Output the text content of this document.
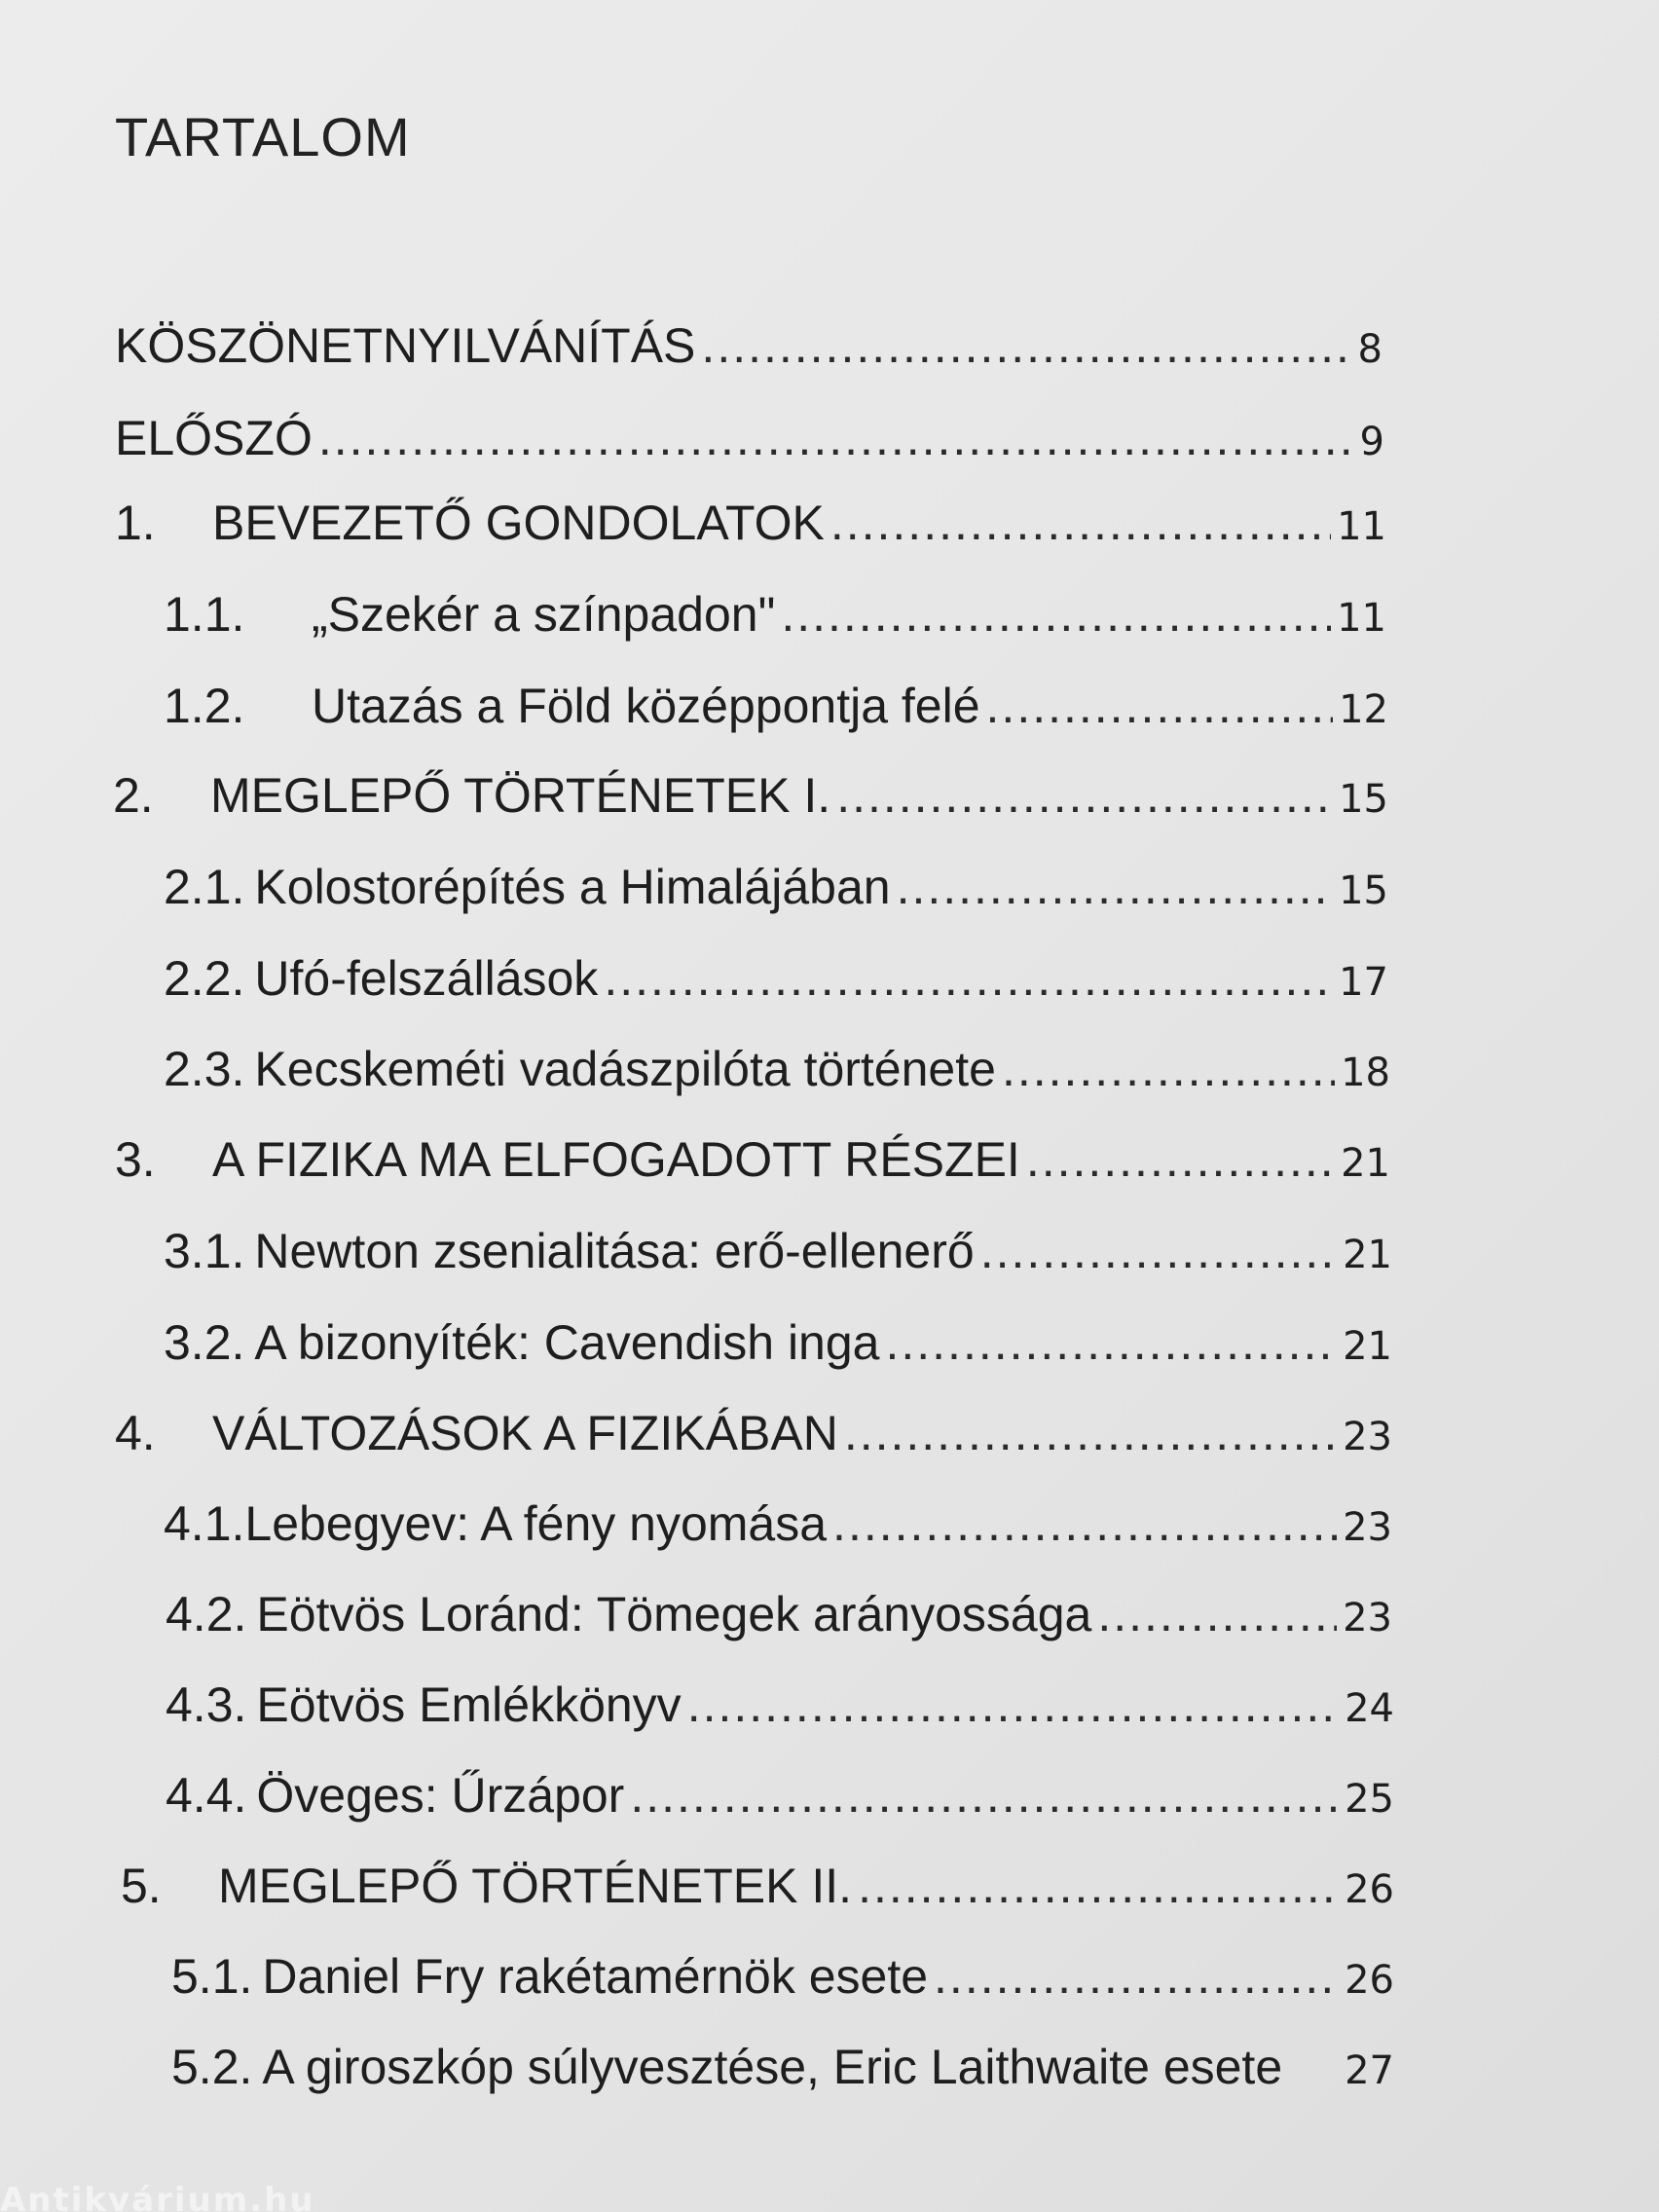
TARTALOM
KÖSZÖNETNYILVÁNÍTÁS .....	8
ELŐSZÓ .....	9
1.	BEVEZETŐ GONDOLATOK .....	11
1.1.	„Szekér a színpadon" .....	11
1.2.	Utazás a Föld középpontja felé .....	12
2.	MEGLEPŐ TÖRTÉNETEK I. .....	15
2.1. Kolostorépítés a Himalájában .....	15
2.2. Ufó-felszállások .....	17
2.3. Kecskeméti vadászpilóta története .....	18
3.	A FIZIKA MA ELFOGADOTT RÉSZEI .....	21
3.1. Newton zsenialitása: erő-ellenerő .....	21
3.2. A bizonyíték: Cavendish inga .....	21
4.	VÁLTOZÁSOK A FIZIKÁBAN .....	23
4.1. Lebegyev: A fény nyomása .....	23
4.2. Eötvös Loránd: Tömegek arányossága .....	23
4.3. Eötvös Emlékkönyv .....	24
4.4. Öveges: Űrzápor .....	25
5.	MEGLEPŐ TÖRTÉNETEK II. .....	26
5.1. Daniel Fry rakétamérnök esete .....	26
5.2. A giroszkóp súlyvesztése, Eric Laithwaite esete 27
Antikvárium.hu
